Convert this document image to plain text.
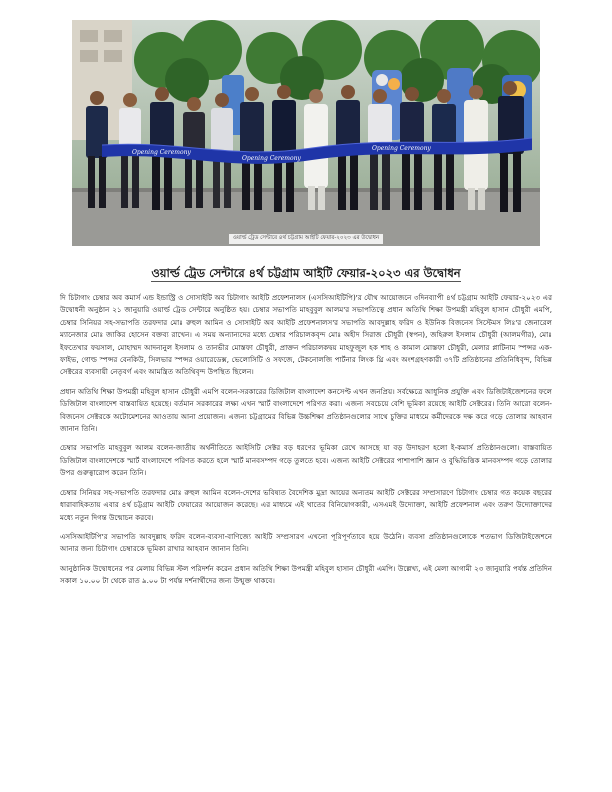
Opening Ceremony
Opening Ceremony
Opening Ceremony
ওয়ার্ল্ড ট্রেড সেন্টারে ৪র্থ চট্টগ্রাম আইটি ফেয়ার-২০২৩ এর উদ্বোধন
ওয়ার্ল্ড ট্রেড সেন্টারে ৪র্থ চট্টগ্রাম আইটি ফেয়ার-২০২৩ এর উদ্বোধন

দি চিটাগাং চেম্বার অব কমার্স এন্ড ইন্ডাস্ট্রি ও সোসাইটি অব চিটাগাং আইটি প্রফেশনালস (এসসিআইটিপি)'র যৌথ আয়োজনে ৩দিনব্যাপী ৪র্থ চট্টগ্রাম আইটি ফেয়ার-২০২৩ এর উদ্বোধনী অনুষ্ঠান ২১ জানুয়ারি ওয়ার্ল্ড ট্রেড সেন্টারে অনুষ্ঠিত হয়। চেম্বার সভাপতি মাহবুবুল আলম'র সভাপতিত্বে প্রধান অতিথি শিক্ষা উপমন্ত্রী মহিবুল হাসান চৌধুরী এমপি, চেম্বার সিনিয়র সহ-সভাপতি তরফদার মোঃ রুহুল আমিন ও সোসাইটি অব আইটি প্রফেশনালস'র সভাপতি আবদুল্লাহ ফরিদ ও ইউনিক বিজনেস সিস্টেমস লিঃ'র জেনারেল ম্যানেজার মোঃ জাকির হোসেন বক্তব্য রাখেন। এ সময় অন্যান্যদের মধ্যে চেম্বার পরিচালকবৃন্দ মোঃ অহীদ সিরাজ চৌধুরী (স্বপন), জহিরুল ইসলাম চৌধুরী (আলমগীর), মোঃ ইফতেখার ফয়সাল, মোহাম্মদ আদনানুল ইসলাম ও তানভীর মোস্তফা চৌধুরী, প্রাক্তন পরিচালকদ্বয় মাহফুজুল হক শাহ ও কামাল মোস্তফা চৌধুরী, মেলার প্লাটিনাম স্পন্সর এক-ফাইভ, গোল্ড স্পন্সর বেনকিউ, সিলভার স্পন্সর ওয়ারেডেক্স, ভেলোসিটি ও সফজে, টেকনোলজি পার্টনার লিংক থ্রি এবং অংশগ্রহণকারী ৩৭টি প্রতিষ্ঠানের প্রতিনিধিবৃন্দ, বিভিন্ন সেক্টরের ব্যবসায়ী নেতৃবর্গ এবং আমন্ত্রিত অতিথিবৃন্দ উপস্থিত ছিলেন।

প্রধান অতিথি শিক্ষা উপমন্ত্রী মহিবুল হাসান চৌধুরী এমপি বলেন-সরকারের ডিজিটাল বাংলাদেশ কনসেপ্ট এখন জনপ্রিয়। সর্বক্ষেত্রে আধুনিক প্রযুক্তি এবং ডিজিটাইজেশনের ফলে ডিজিটাল বাংলাদেশ বাস্তবায়িত হয়েছে। বর্তমান সরকারের লক্ষ্য এখন স্মার্ট বাংলাদেশে পরিণত করা। এজন্য সবচেয়ে বেশি ভূমিকা রয়েছে আইটি সেক্টরের। তিনি আরো বলেন-বিজনেস সেক্টরকে অটোমেশনের আওতায় আনা প্রয়োজন। এজন্য চট্টগ্রামের বিভিন্ন উচ্চশিক্ষা প্রতিষ্ঠানগুলোর সাথে চুক্তির মাধ্যমে কর্মীদেরকে দক্ষ করে গড়ে তোলার আহবান জানান তিনি।

চেম্বার সভাপতি মাহবুবুল আলম বলেন-জাতীয় অর্থনীতিতে আইসিটি সেক্টর বড় ধরণের ভূমিকা রেখে আসছে যা বড় উদাহরণ হলো ই-কমার্স প্রতিষ্ঠানগুলো। বাস্তবায়িত ডিজিটাল বাংলাদেশকে স্মার্ট বাংলাদেশে পরিণত করতে হলে স্মার্ট মানবসম্পদ গড়ে তুলতে হবে। এজন্য আইটি সেক্টরের পাশাপাশি জ্ঞান ও বুদ্ধিভিত্তিক মানবসম্পদ গড়ে তোলার উপর গুরুত্বারোপ করেন তিনি।

চেম্বার সিনিয়র সহ-সভাপতি তরফদার মোঃ রুহুল আমিন বলেন-দেশের ভবিষ্যত বৈদেশিক মুদ্রা আয়ের অন্যতম আইটি সেক্টরের সম্প্রসারণে চিটাগাং চেম্বার গত কয়েক বছরের ধারাবাহিকতায় এবার ৪র্থ চট্টগ্রাম আইটি ফেয়ারের আয়োজন করেছে। এর মাধ্যমে এই খাতের বিনিয়োগকারী, এসএমই উদ্যোক্তা, আইটি প্রফেশনাল এবং তরুণ উদ্যোক্তাদের মধ্যে নতুন দিগন্ত উন্মোচন করবে।

এসসিআইটিপি'র সভাপতি আবদুল্লাহ ফরিদ বলেন-ব্যবসা-বাণিজ্যে আইটি সম্প্রসারণ এখনো পূরিপূর্ণতাবে হয়ে উঠেনি। ব্যবসা প্রতিষ্ঠানগুলোকে শতভাগ ডিজিটাইজেশনে আনার জন্য চিটাগাং চেম্বারকে ভূমিকা রাখার আহবান জানান তিনি।

আনুষ্ঠানিক উদ্বোধনের পর মেলায় বিভিন্ন স্টল পরিদর্শন করেন প্রধান অতিথি শিক্ষা উপমন্ত্রী মহিবুল হাসান চৌধুরী এমপি। উল্লেখ্য, এই মেলা আগামী ২৩ জানুয়ারি পর্যন্ত প্রতিদিন সকাল ১০.০০ টা থেকে রাত ৯.০০ টা পর্যন্ত দর্শনার্থীদের জন্য উন্মুক্ত থাকবে।
